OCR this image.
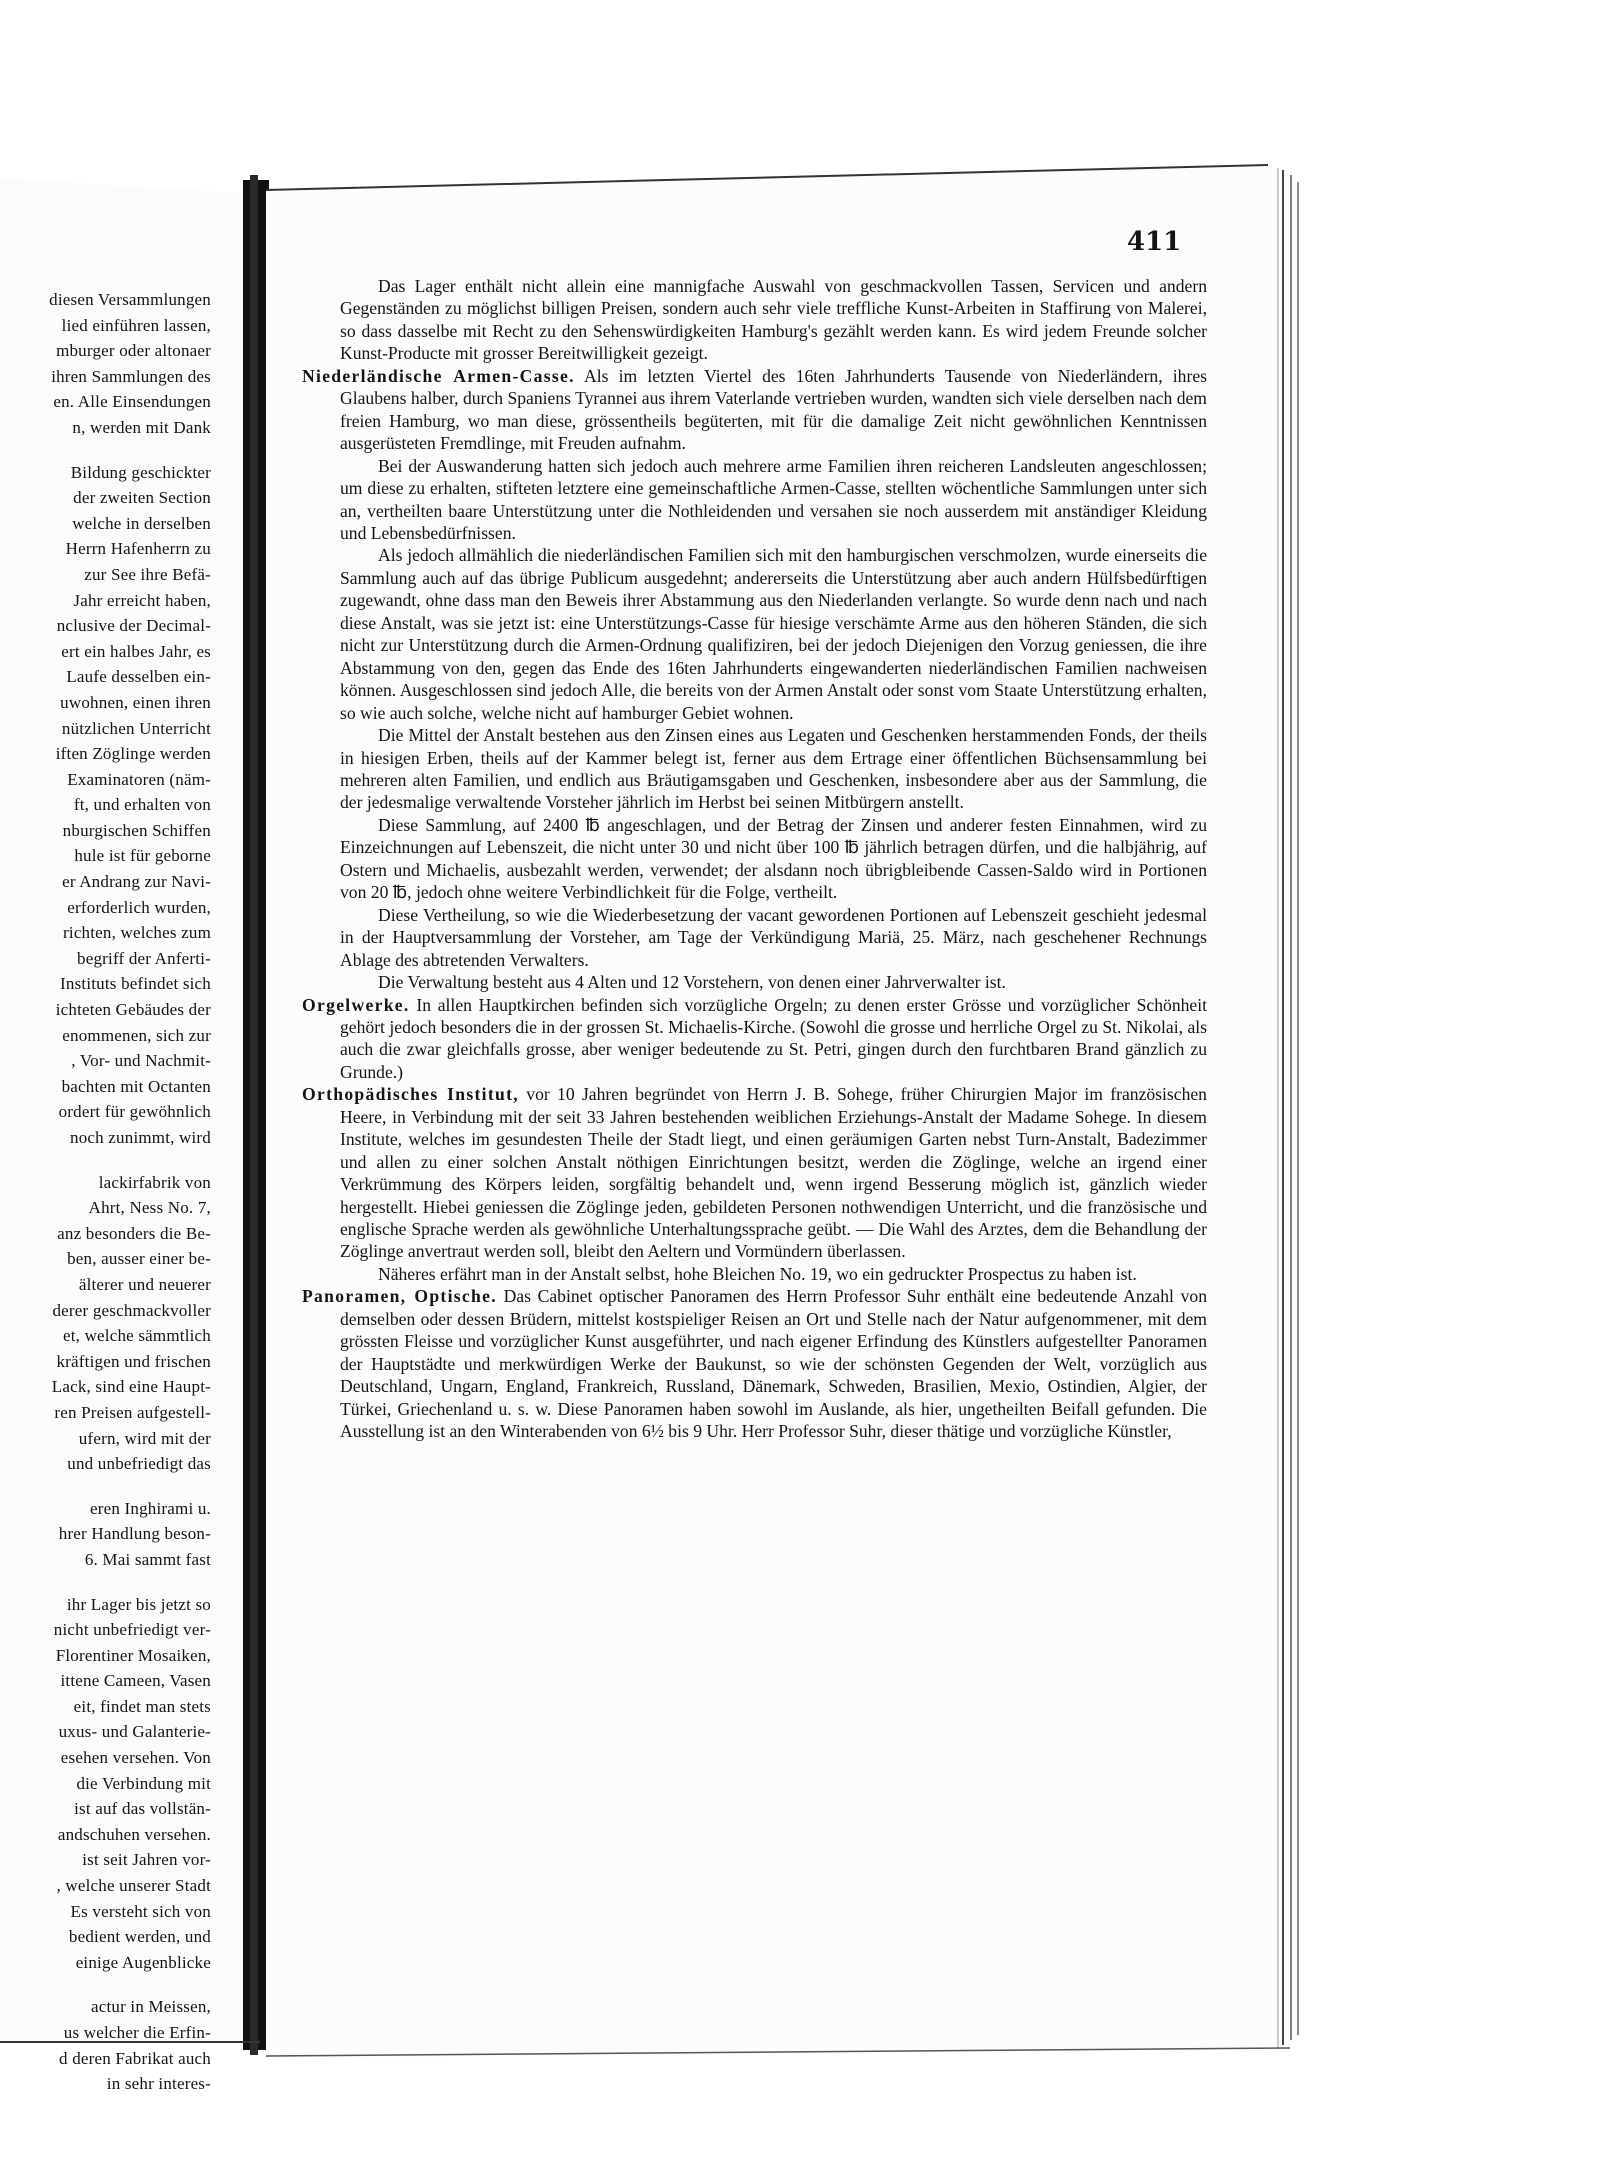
diesen Versammlungen
lied einführen lassen,
mburger oder altonaer
ihren Sammlungen des
en. Alle Einsendungen
n, werden mit Dank
Bildung geschickter
der zweiten Section
welche in derselben
Herrn Hafenherrn zu
zur See ihre Befä-
Jahr erreicht haben,
nclusive der Decimal-
ert ein halbes Jahr, es
Laufe desselben ein-
uwohnen, einen ihren
nützlichen Unterricht
iften Zöglinge werden
Examinatoren (näm-
ft, und erhalten von
nburgischen Schiffen
hule ist für geborne
er Andrang zur Navi-
erforderlich wurden,
richten, welches zum
begriff der Anferti-
Instituts befindet sich
ichteten Gebäudes der
enommenen, sich zur
, Vor- und Nachmit-
bachten mit Octanten
ordert für gewöhnlich
noch zunimmt, wird
lackirfabrik von
Ahrt, Ness No. 7,
anz besonders die Be-
ben, ausser einer be-
älterer und neuerer
derer geschmackvoller
et, welche sämmtlich
kräftigen und frischen
Lack, sind eine Haupt-
ren Preisen aufgestell-
ufern, wird mit der
und unbefriedigt das
eren Inghirami u.
hrer Handlung beson-
6. Mai sammt fast
ihr Lager bis jetzt so
nicht unbefriedigt ver-
Florentiner Mosaiken,
ittene Cameen, Vasen
eit, findet man stets
uxus- und Galanterie-
esehen versehen. Von
die Verbindung mit
ist auf das vollstän-
andschuhen versehen.
ist seit Jahren vor-
, welche unserer Stadt
Es versteht sich von
bedient werden, und
einige Augenblicke
actur in Meissen,
us welcher die Erfin-
d deren Fabrikat auch
in sehr interes-
411
Das Lager enthält nicht allein eine mannigfache Auswahl von geschmackvollen Tassen, Servicen und andern Gegenständen zu möglichst billigen Preisen, sondern auch sehr viele treffliche Kunst-Arbeiten in Staffirung von Malerei, so dass dasselbe mit Recht zu den Sehenswürdigkeiten Hamburg's gezählt werden kann. Es wird jedem Freunde solcher Kunst-Producte mit grosser Bereitwilligkeit gezeigt.
Niederländische Armen-Casse. Als im letzten Viertel des 16ten Jahrhunderts Tausende von Niederländern, ihres Glaubens halber, durch Spaniens Tyrannei aus ihrem Vaterlande vertrieben wurden, wandten sich viele derselben nach dem freien Hamburg, wo man diese, grössentheils begüterten, mit für die damalige Zeit nicht gewöhnlichen Kenntnissen ausgerüsteten Fremdlinge, mit Freuden aufnahm.
Bei der Auswanderung hatten sich jedoch auch mehrere arme Familien ihren reicheren Landsleuten angeschlossen; um diese zu erhalten, stifteten letztere eine gemeinschaftliche Armen-Casse, stellten wöchentliche Sammlungen unter sich an, vertheilten baare Unterstützung unter die Nothleidenden und versahen sie noch ausserdem mit anständiger Kleidung und Lebensbedürfnissen.
Als jedoch allmählich die niederländischen Familien sich mit den hamburgischen verschmolzen, wurde einerseits die Sammlung auch auf das übrige Publicum ausgedehnt; andererseits die Unterstützung aber auch andern Hülfsbedürftigen zugewandt, ohne dass man den Beweis ihrer Abstammung aus den Niederlanden verlangte. So wurde denn nach und nach diese Anstalt, was sie jetzt ist: eine Unterstützungs-Casse für hiesige verschämte Arme aus den höheren Ständen, die sich nicht zur Unterstützung durch die Armen-Ordnung qualifiziren, bei der jedoch Diejenigen den Vorzug geniessen, die ihre Abstammung von den, gegen das Ende des 16ten Jahrhunderts eingewanderten niederländischen Familien nachweisen können. Ausgeschlossen sind jedoch Alle, die bereits von der Armen Anstalt oder sonst vom Staate Unterstützung erhalten, so wie auch solche, welche nicht auf hamburger Gebiet wohnen.
Die Mittel der Anstalt bestehen aus den Zinsen eines aus Legaten und Geschenken herstammenden Fonds, der theils in hiesigen Erben, theils auf der Kammer belegt ist, ferner aus dem Ertrage einer öffentlichen Büchsensammlung bei mehreren alten Familien, und endlich aus Bräutigamsgaben und Geschenken, insbesondere aber aus der Sammlung, die der jedesmalige verwaltende Vorsteher jährlich im Herbst bei seinen Mitbürgern anstellt.
Diese Sammlung, auf 2400 ℔ angeschlagen, und der Betrag der Zinsen und anderer festen Einnahmen, wird zu Einzeichnungen auf Lebenszeit, die nicht unter 30 und nicht über 100 ℔ jährlich betragen dürfen, und die halbjährig, auf Ostern und Michaelis, ausbezahlt werden, verwendet; der alsdann noch übrigbleibende Cassen-Saldo wird in Portionen von 20 ℔, jedoch ohne weitere Verbindlichkeit für die Folge, vertheilt.
Diese Vertheilung, so wie die Wiederbesetzung der vacant gewordenen Portionen auf Lebenszeit geschieht jedesmal in der Hauptversammlung der Vorsteher, am Tage der Verkündigung Mariä, 25. März, nach geschehener Rechnungs Ablage des abtretenden Verwalters.
Die Verwaltung besteht aus 4 Alten und 12 Vorstehern, von denen einer Jahrverwalter ist.
Orgelwerke. In allen Hauptkirchen befinden sich vorzügliche Orgeln; zu denen erster Grösse und vorzüglicher Schönheit gehört jedoch besonders die in der grossen St. Michaelis-Kirche. (Sowohl die grosse und herrliche Orgel zu St. Nikolai, als auch die zwar gleichfalls grosse, aber weniger bedeutende zu St. Petri, gingen durch den furchtbaren Brand gänzlich zu Grunde.)
Orthopädisches Institut, vor 10 Jahren begründet von Herrn J. B. Sohege, früher Chirurgien Major im französischen Heere, in Verbindung mit der seit 33 Jahren bestehenden weiblichen Erziehungs-Anstalt der Madame Sohege. In diesem Institute, welches im gesundesten Theile der Stadt liegt, und einen geräumigen Garten nebst Turn-Anstalt, Badezimmer und allen zu einer solchen Anstalt nöthigen Einrichtungen besitzt, werden die Zöglinge, welche an irgend einer Verkrümmung des Körpers leiden, sorgfältig behandelt und, wenn irgend Besserung möglich ist, gänzlich wieder hergestellt. Hiebei geniessen die Zöglinge jeden, gebildeten Personen nothwendigen Unterricht, und die französische und englische Sprache werden als gewöhnliche Unterhaltungssprache geübt. — Die Wahl des Arztes, dem die Behandlung der Zöglinge anvertraut werden soll, bleibt den Aeltern und Vormündern überlassen.
Näheres erfährt man in der Anstalt selbst, hohe Bleichen No. 19, wo ein gedruckter Prospectus zu haben ist.
Panoramen, Optische. Das Cabinet optischer Panoramen des Herrn Professor Suhr enthält eine bedeutende Anzahl von demselben oder dessen Brüdern, mittelst kostspieliger Reisen an Ort und Stelle nach der Natur aufgenommener, mit dem grössten Fleisse und vorzüglicher Kunst ausgeführter, und nach eigener Erfindung des Künstlers aufgestellter Panoramen der Hauptstädte und merkwürdigen Werke der Baukunst, so wie der schönsten Gegenden der Welt, vorzüglich aus Deutschland, Ungarn, England, Frankreich, Russland, Dänemark, Schweden, Brasilien, Mexio, Ostindien, Algier, der Türkei, Griechenland u. s. w. Diese Panoramen haben sowohl im Auslande, als hier, ungetheilten Beifall gefunden. Die Ausstellung ist an den Winterabenden von 6½ bis 9 Uhr. Herr Professor Suhr, dieser thätige und vorzügliche Künstler,
